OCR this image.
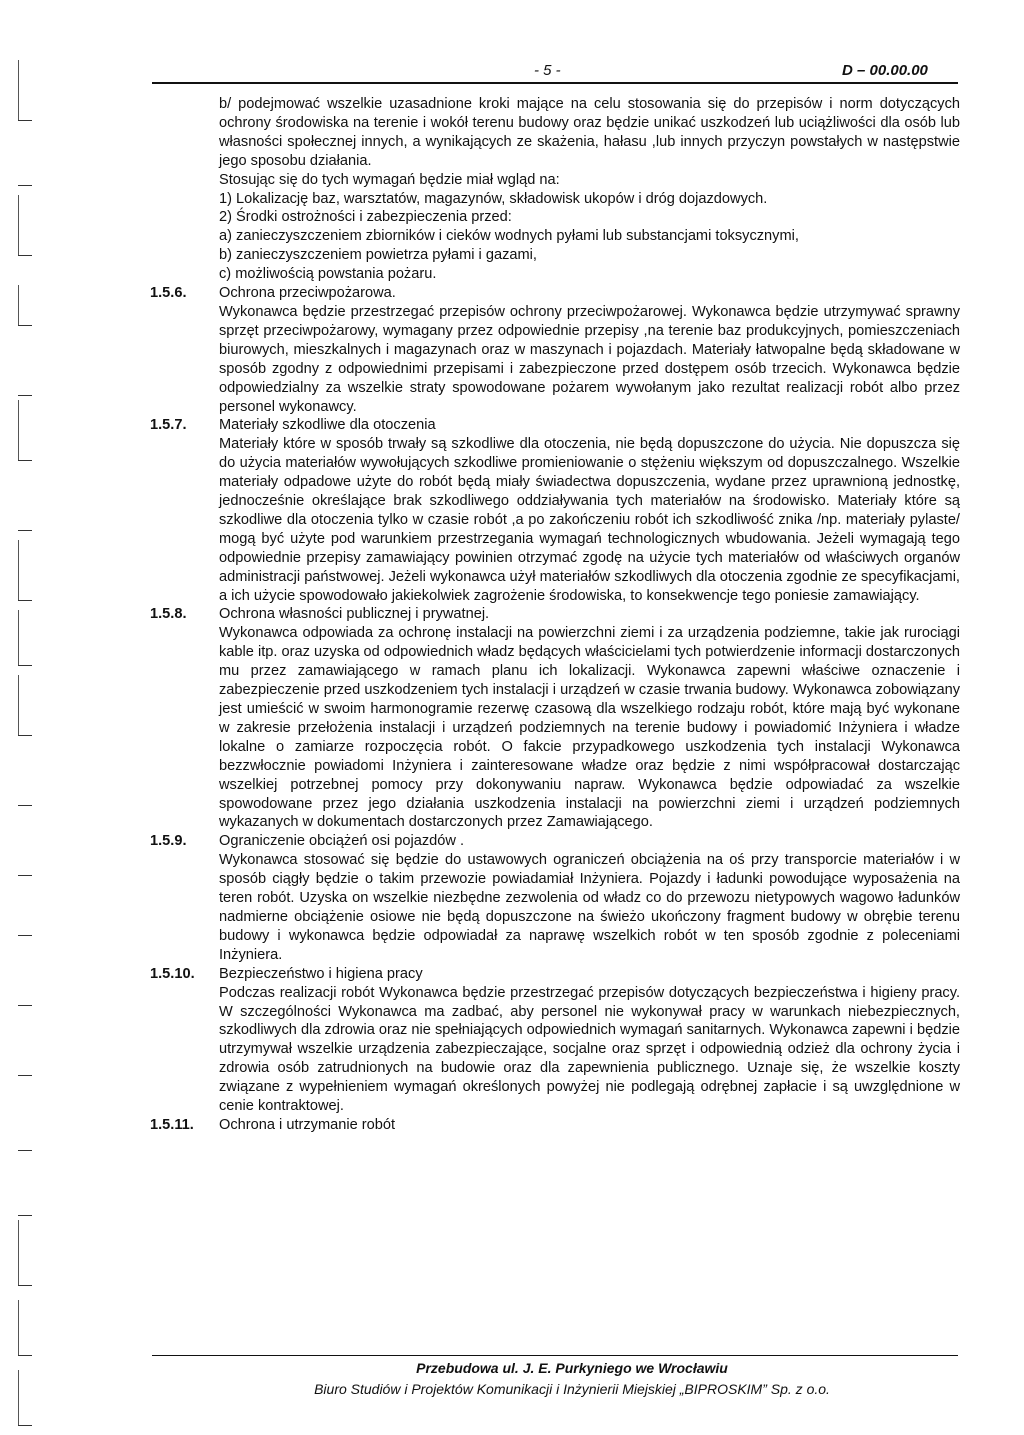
- 5 -	D – 00.00.00

b/ podejmować wszelkie uzasadnione kroki mające na celu stosowania się do przepisów i norm dotyczących ochrony środowiska na terenie i wokół terenu budowy oraz będzie unikać uszkodzeń lub uciążliwości dla osób lub własności społecznej innych, a wynikających ze skażenia, hałasu ,lub innych przyczyn powstałych w następstwie jego sposobu działania.

Stosując się do tych wymagań będzie miał wgląd na:

1) Lokalizację baz, warsztatów, magazynów, składowisk ukopów i dróg dojazdowych.

2) Środki ostrożności i zabezpieczenia przed:

a) zanieczyszczeniem zbiorników i cieków wodnych pyłami lub substancjami toksycznymi,

b) zanieczyszczeniem powietrza pyłami i gazami,

c) możliwością powstania pożaru.

1.5.6.	Ochrona przeciwpożarowa.

Wykonawca będzie przestrzegać przepisów ochrony przeciwpożarowej. Wykonawca będzie utrzymywać sprawny sprzęt przeciwpożarowy, wymagany przez odpowiednie przepisy ,na terenie baz produkcyjnych, pomieszczeniach biurowych, mieszkalnych i magazynach oraz w maszynach i pojazdach. Materiały łatwopalne będą składowane w sposób zgodny z odpowiednimi przepisami i zabezpieczone przed dostępem osób trzecich. Wykonawca będzie odpowiedzialny za wszelkie straty spowodowane pożarem wywołanym jako rezultat realizacji robót albo przez personel wykonawcy.

1.5.7.	Materiały szkodliwe dla otoczenia

Materiały które w sposób trwały są szkodliwe dla otoczenia, nie będą dopuszczone do użycia. Nie dopuszcza się do użycia materiałów wywołujących szkodliwe promieniowanie o stężeniu większym od dopuszczalnego. Wszelkie materiały odpadowe użyte do robót będą miały świadectwa dopuszczenia, wydane przez uprawnioną jednostkę, jednocześnie określające brak szkodliwego oddziaływania tych materiałów na środowisko. Materiały które są szkodliwe dla otoczenia tylko w czasie robót ,a po zakończeniu robót ich szkodliwość znika /np. materiały pylaste/ mogą być użyte pod warunkiem przestrzegania wymagań technologicznych wbudowania. Jeżeli wymagają tego odpowiednie przepisy zamawiający powinien otrzymać zgodę na użycie tych materiałów od właściwych organów administracji państwowej. Jeżeli wykonawca użył materiałów szkodliwych dla otoczenia zgodnie ze specyfikacjami, a ich użycie spowodowało jakiekolwiek zagrożenie środowiska, to konsekwencje tego poniesie zamawiający.

1.5.8.	Ochrona własności publicznej i prywatnej.

Wykonawca odpowiada za ochronę instalacji na powierzchni ziemi i za urządzenia podziemne, takie jak rurociągi kable itp. oraz uzyska od odpowiednich władz będących właścicielami tych potwierdzenie informacji dostarczonych mu przez zamawiającego w ramach planu ich lokalizacji. Wykonawca zapewni właściwe oznaczenie i zabezpieczenie przed uszkodzeniem tych instalacji i urządzeń w czasie trwania budowy. Wykonawca zobowiązany jest umieścić w swoim harmonogramie rezerwę czasową dla wszelkiego rodzaju robót, które mają być wykonane w zakresie przełożenia instalacji i urządzeń podziemnych na terenie budowy i powiadomić Inżyniera i władze lokalne o zamiarze rozpoczęcia robót. O fakcie przypadkowego uszkodzenia tych instalacji Wykonawca bezzwłocznie powiadomi Inżyniera i zainteresowane władze oraz będzie z nimi współpracował dostarczając wszelkiej potrzebnej pomocy przy dokonywaniu napraw. Wykonawca będzie odpowiadać za wszelkie spowodowane przez jego działania uszkodzenia instalacji na powierzchni ziemi i urządzeń podziemnych wykazanych w dokumentach dostarczonych przez Zamawiającego.

1.5.9.	Ograniczenie obciążeń osi pojazdów .

Wykonawca stosować się będzie do ustawowych ograniczeń obciążenia na oś przy transporcie materiałów i w sposób ciągły będzie o takim przewozie powiadamiał Inżyniera. Pojazdy i ładunki powodujące wyposażenia na teren robót. Uzyska on wszelkie niezbędne zezwolenia od władz co do przewozu nietypowych wagowo ładunków nadmierne obciążenie osiowe nie będą dopuszczone na świeżo ukończony fragment budowy w obrębie terenu budowy i wykonawca będzie odpowiadał za naprawę wszelkich robót w ten sposób zgodnie z poleceniami Inżyniera.

1.5.10.	Bezpieczeństwo i higiena pracy

Podczas realizacji robót Wykonawca będzie przestrzegać przepisów dotyczących bezpieczeństwa i higieny pracy. W szczególności Wykonawca ma zadbać, aby personel nie wykonywał pracy w warunkach niebezpiecznych, szkodliwych dla zdrowia oraz nie spełniających odpowiednich wymagań sanitarnych. Wykonawca zapewni i będzie utrzymywał wszelkie urządzenia zabezpieczające, socjalne oraz sprzęt i odpowiednią odzież dla ochrony życia i zdrowia osób zatrudnionych na budowie oraz dla zapewnienia publicznego. Uznaje się, że wszelkie koszty związane z wypełnieniem wymagań określonych powyżej nie podlegają odrębnej zapłacie i są uwzględnione w cenie kontraktowej.

1.5.11.	Ochrona i utrzymanie robót
Przebudowa ul. J. E. Purkyniego we Wrocławiu
Biuro Studiów i Projektów Komunikacji i Inżynierii Miejskiej „BIPROSKIM” Sp. z o.o.
